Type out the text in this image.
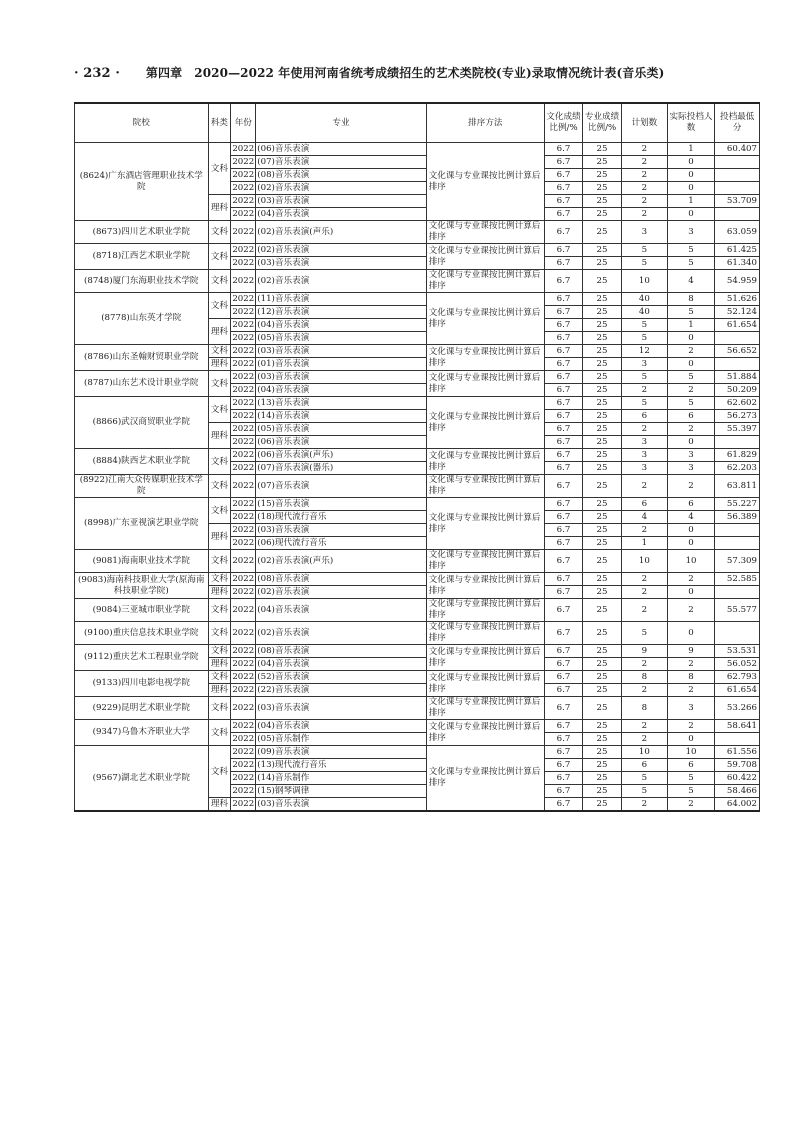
· 232 · 第四章　2020—2022 年使用河南省统考成绩招生的艺术类院校(专业)录取情况统计表(音乐类)
院校	科类	年份	专业	排序方法	文化成绩比例/%	专业成绩比例/%	计划数	实际投档人数	投档最低分
(8624)广东酒店管理职业技术学院	文科	2022	(06)音乐表演	文化课与专业课按比例计算后排序	6.7	25	2	1	60.407
		2022	(07)音乐表演		6.7	25	2	0	
		2022	(08)音乐表演		6.7	25	2	0	
		2022	(02)音乐表演		6.7	25	2	0	
	理科	2022	(03)音乐表演		6.7	25	2	1	53.709
		2022	(04)音乐表演		6.7	25	2	0	
(8673)四川艺术职业学院	文科	2022	(02)音乐表演(声乐)	文化课与专业课按比例计算后排序	6.7	25	3	3	63.059
(8718)江西艺术职业学院	文科	2022	(02)音乐表演	文化课与专业课按比例计算后排序	6.7	25	5	5	61.425
		2022	(03)音乐表演		6.7	25	5	5	61.340
(8748)厦门东海职业技术学院	文科	2022	(02)音乐表演	文化课与专业课按比例计算后排序	6.7	25	10	4	54.959
(8778)山东英才学院	文科	2022	(11)音乐表演	文化课与专业课按比例计算后排序	6.7	25	40	8	51.626
		2022	(12)音乐表演		6.7	25	40	5	52.124
	理科	2022	(04)音乐表演		6.7	25	5	1	61.654
		2022	(05)音乐表演		6.7	25	5	0	
(8786)山东圣翰财贸职业学院	文科	2022	(03)音乐表演	文化课与专业课按比例计算后排序	6.7	25	12	2	56.652
	理科	2022	(01)音乐表演		6.7	25	3	0	
(8787)山东艺术设计职业学院	文科	2022	(03)音乐表演	文化课与专业课按比例计算后排序	6.7	25	5	5	51.884
		2022	(04)音乐表演		6.7	25	2	2	50.209
(8866)武汉商贸职业学院	文科	2022	(13)音乐表演	文化课与专业课按比例计算后排序	6.7	25	5	5	62.602
		2022	(14)音乐表演		6.7	25	6	6	56.273
	理科	2022	(05)音乐表演		6.7	25	2	2	55.397
		2022	(06)音乐表演		6.7	25	3	0	
(8884)陕西艺术职业学院	文科	2022	(06)音乐表演(声乐)	文化课与专业课按比例计算后排序	6.7	25	3	3	61.829
		2022	(07)音乐表演(器乐)		6.7	25	3	3	62.203
(8922)江南大众传媒职业技术学院	文科	2022	(07)音乐表演	文化课与专业课按比例计算后排序	6.7	25	2	2	63.811
(8998)广东亚视演艺职业学院	文科	2022	(15)音乐表演	文化课与专业课按比例计算后排序	6.7	25	6	6	55.227
		2022	(18)现代流行音乐		6.7	25	4	4	56.389
	理科	2022	(03)音乐表演		6.7	25	2	0	
		2022	(06)现代流行音乐		6.7	25	1	0	
(9081)海南职业技术学院	文科	2022	(02)音乐表演(声乐)	文化课与专业课按比例计算后排序	6.7	25	10	10	57.309
(9083)海南科技职业大学(原海南科技职业学院)	文科	2022	(08)音乐表演	文化课与专业课按比例计算后排序	6.7	25	2	2	52.585
	理科	2022	(02)音乐表演		6.7	25	2	0	
(9084)三亚城市职业学院	文科	2022	(04)音乐表演	文化课与专业课按比例计算后排序	6.7	25	2	2	55.577
(9100)重庆信息技术职业学院	文科	2022	(02)音乐表演	文化课与专业课按比例计算后排序	6.7	25	5	0	
(9112)重庆艺术工程职业学院	文科	2022	(08)音乐表演	文化课与专业课按比例计算后排序	6.7	25	9	9	53.531
	理科	2022	(04)音乐表演		6.7	25	2	2	56.052
(9133)四川电影电视学院	文科	2022	(52)音乐表演	文化课与专业课按比例计算后排序	6.7	25	8	8	62.793
	理科	2022	(22)音乐表演		6.7	25	2	2	61.654
(9229)昆明艺术职业学院	文科	2022	(03)音乐表演	文化课与专业课按比例计算后排序	6.7	25	8	3	53.266
(9347)乌鲁木齐职业大学	文科	2022	(04)音乐表演	文化课与专业课按比例计算后排序	6.7	25	2	2	58.641
		2022	(05)音乐制作		6.7	25	2	0	
(9567)湖北艺术职业学院	文科	2022	(09)音乐表演	文化课与专业课按比例计算后排序	6.7	25	10	10	61.556
		2022	(13)现代流行音乐		6.7	25	6	6	59.708
		2022	(14)音乐制作		6.7	25	5	5	60.422
		2022	(15)钢琴调律		6.7	25	5	5	58.466
	理科	2022	(03)音乐表演		6.7	25	2	2	64.002
